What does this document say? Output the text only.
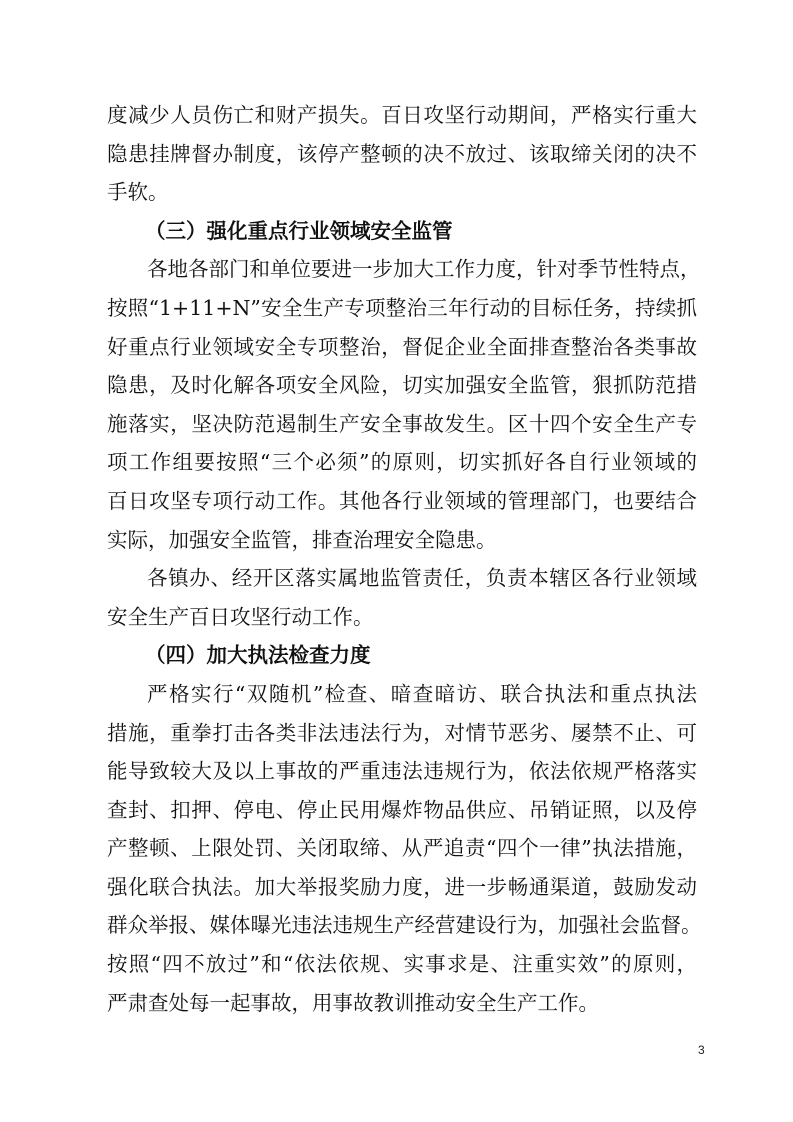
度减少人员伤亡和财产损失。百日攻坚行动期间，严格实行重大
隐患挂牌督办制度，该停产整顿的决不放过、该取缔关闭的决不
手软。
（三）强化重点行业领域安全监管
各地各部门和单位要进一步加大工作力度，针对季节性特点，
按照“1+11+N”安全生产专项整治三年行动的目标任务，持续抓
好重点行业领域安全专项整治，督促企业全面排查整治各类事故
隐患，及时化解各项安全风险，切实加强安全监管，狠抓防范措
施落实，坚决防范遏制生产安全事故发生。区十四个安全生产专
项工作组要按照“三个必须”的原则，切实抓好各自行业领域的
百日攻坚专项行动工作。其他各行业领域的管理部门，也要结合
实际，加强安全监管，排查治理安全隐患。
各镇办、经开区落实属地监管责任，负责本辖区各行业领域
安全生产百日攻坚行动工作。
（四）加大执法检查力度
严格实行“双随机”检查、暗查暗访、联合执法和重点执法
措施，重拳打击各类非法违法行为，对情节恶劣、屡禁不止、可
能导致较大及以上事故的严重违法违规行为，依法依规严格落实
查封、扣押、停电、停止民用爆炸物品供应、吊销证照，以及停
产整顿、上限处罚、关闭取缔、从严追责“四个一律”执法措施，
强化联合执法。加大举报奖励力度，进一步畅通渠道，鼓励发动
群众举报、媒体曝光违法违规生产经营建设行为，加强社会监督。
按照“四不放过”和“依法依规、实事求是、注重实效”的原则，
严肃查处每一起事故，用事故教训推动安全生产工作。
3
